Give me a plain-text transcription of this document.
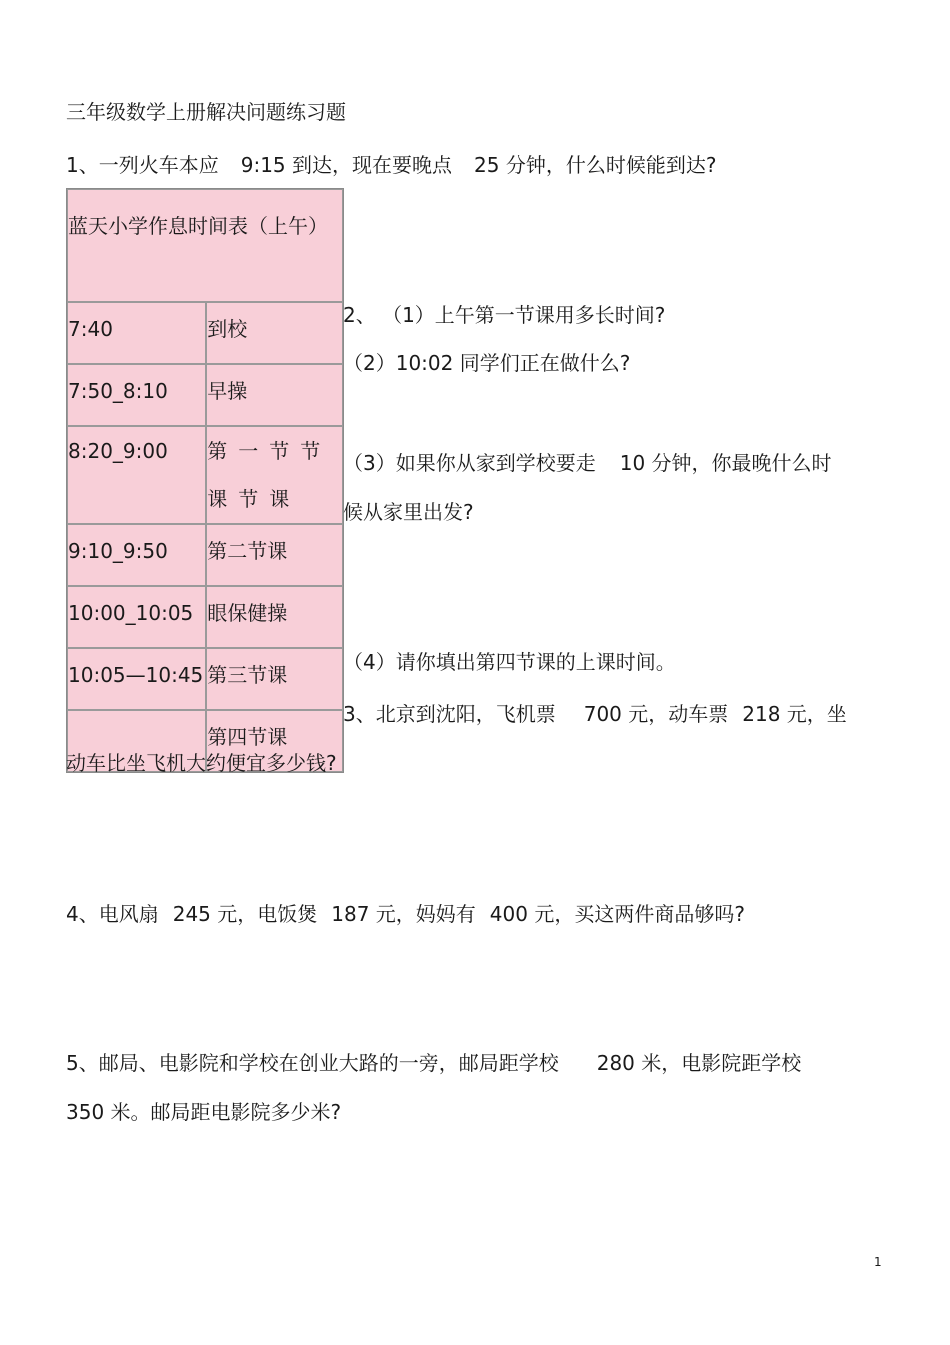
三年级数学上册解决问题练习题
1、一列火车本应 9:15 到达，现在要晚点 25 分钟，什么时候能到达?
蓝天小学作息时间表（上午）	
7:40	到校
7:50_8:10	早操
8:20_9:00	第一节节课节课
9:10_9:50	第二节课
10:00_10:05	眼保健操
10:05—10:45	第三节课
	第四节课
2、 （1）上午第一节课用多长时间?
（2）10:02 同学们正在做什么?
（3）如果你从家到学校要走 10 分钟，你最晚什么时
候从家里出发?
（4）请你填出第四节课的上课时间。
3、北京到沈阳，飞机票 700 元，动车票 218 元，坐
动车比坐飞机大约便宜多少钱?
4、电风扇 245 元，电饭煲 187 元，妈妈有 400 元，买这两件商品够吗?
5、邮局、电影院和学校在创业大路的一旁，邮局距学校 280 米，电影院距学校
350 米。邮局距电影院多少米?
1
